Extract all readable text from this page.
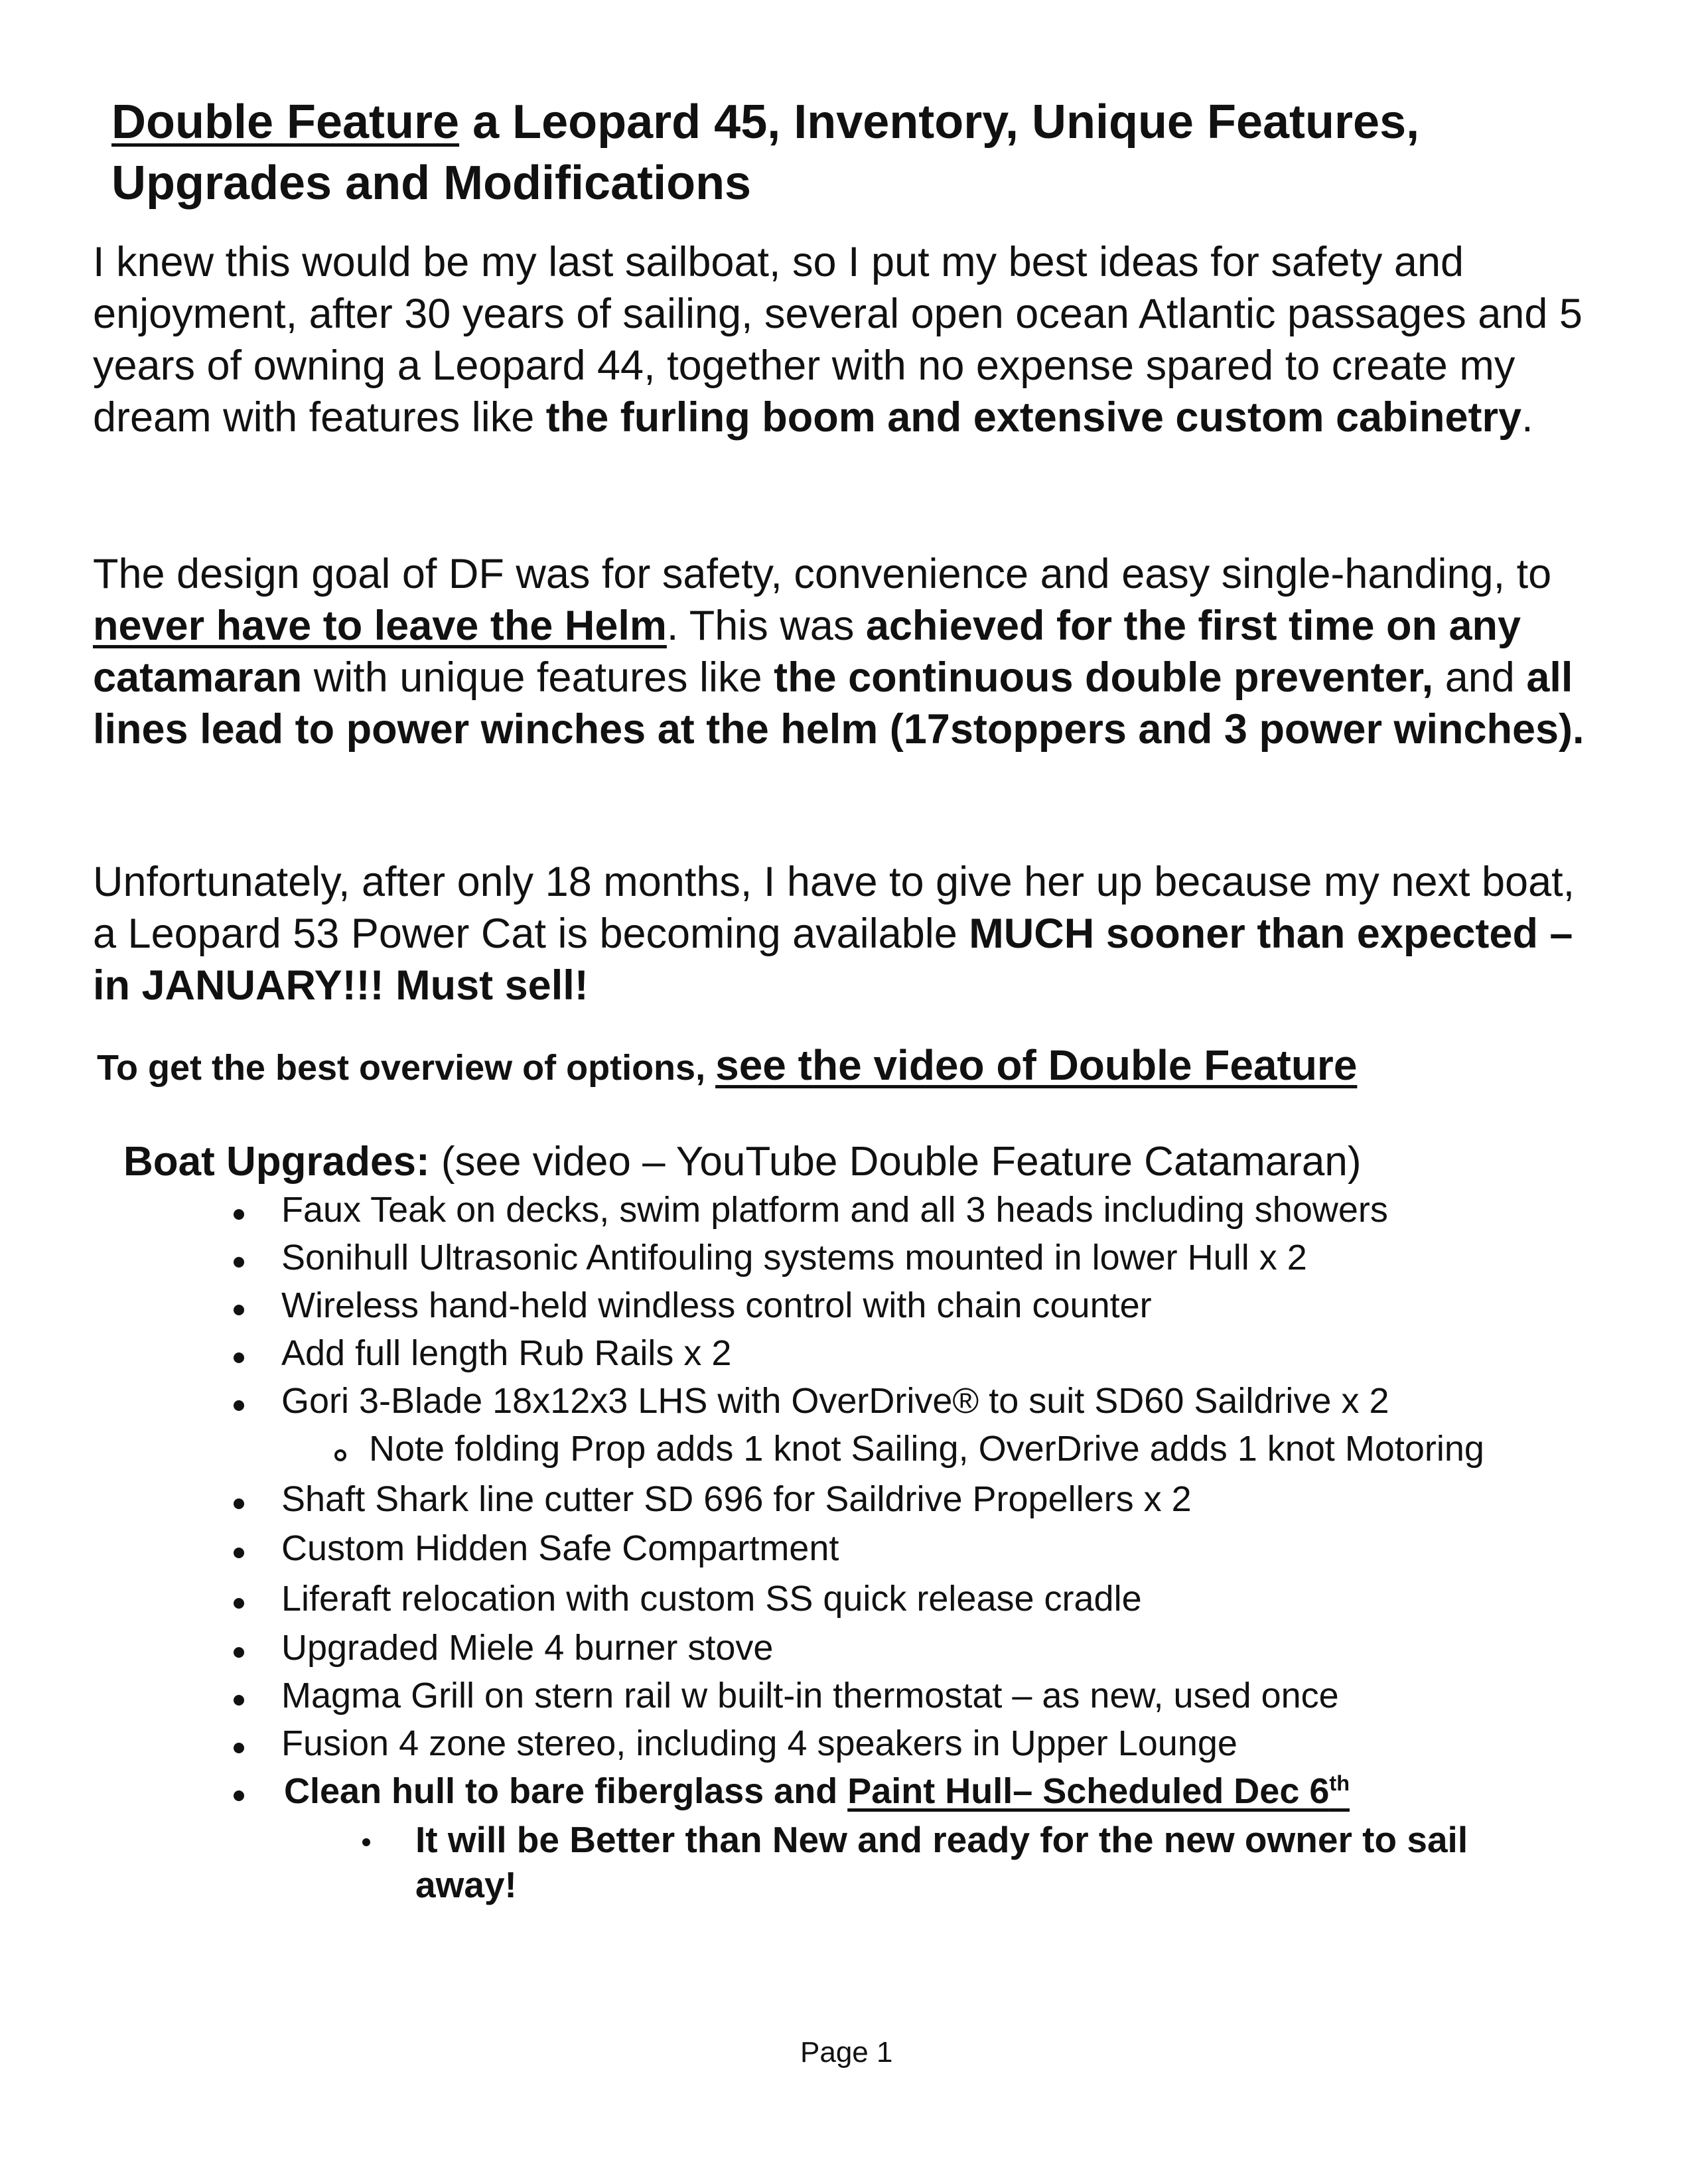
Double Feature a Leopard 45, Inventory, Unique Features,
Upgrades and Modifications

I knew this would be my last sailboat, so I put my best ideas for safety and enjoyment, after 30 years of sailing, several open ocean Atlantic passages and 5 years of owning a Leopard 44, together with no expense spared to create my dream with features like the furling boom and extensive custom cabinetry.

The design goal of DF was for safety, convenience and easy single-handing, to never have to leave the Helm. This was achieved for the first time on any catamaran with unique features like the continuous double preventer, and all lines lead to power winches at the helm (17stoppers and 3 power winches).

Unfortunately, after only 18 months, I have to give her up because my next boat, a Leopard 53 Power Cat is becoming available MUCH sooner than expected – in JANUARY!!! Must sell!

To get the best overview of options, see the video of Double Feature

Boat Upgrades: (see video – YouTube Double Feature Catamaran)

Faux Teak on decks, swim platform and all 3 heads including showers
Sonihull Ultrasonic Antifouling systems mounted in lower Hull x 2
Wireless hand-held windless control with chain counter
Add full length Rub Rails x 2
Gori 3-Blade 18x12x3 LHS with OverDrive® to suit SD60 Saildrive x 2
Note folding Prop adds 1 knot Sailing, OverDrive adds 1 knot Motoring
Shaft Shark line cutter SD 696 for Saildrive Propellers x 2
Custom Hidden Safe Compartment
Liferaft relocation with custom SS quick release cradle
Upgraded Miele 4 burner stove
Magma Grill on stern rail w built-in thermostat – as new, used once
Fusion 4 zone stereo, including 4 speakers in Upper Lounge
Clean hull to bare fiberglass and Paint Hull– Scheduled Dec 6th
It will be Better than New and ready for the new owner to sail away!

Page 1
